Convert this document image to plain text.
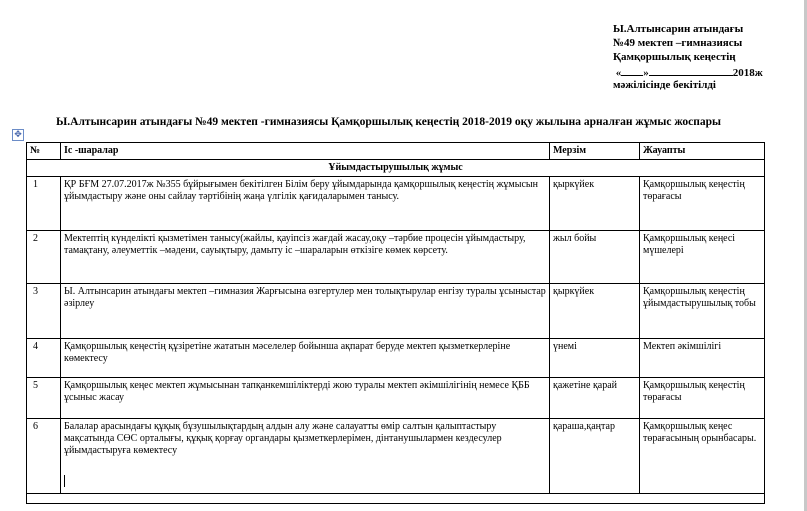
Ы.Алтынсарин атындағы
№49 мектеп –гимназиясы
Қамқоршылық кеңестің
« »	2018ж
мәжілісінде бекітілді
Ы.Алтынсарин атындағы №49 мектеп -гимназиясы Қамқоршылық кеңестің 2018-2019 оқу жылына арналған жұмыс жоспары
✥
№	Іс -шаралар	Мерзім	Жауапты
Ұйымдастырушылық жұмыс			
1	ҚР БҒМ 27.07.2017ж №355 бұйрығымен бекітілген Білім беру ұйымдарында қамқоршылық кеңестің жұмысын ұйымдастыру және оны сайлау тәртібінің жаңа үлгілік қағидаларымен танысу.	қыркүйек	Қамқоршылық кеңестің төрағасы
2	Мектептің күнделікті қызметімен танысу(жайлы, қауіпсіз жағдай жасау,оқу –тәрбие процесін ұйымдастыру, тамақтану, әлеуметтік –мәдени, сауықтыру, дамыту іс –шараларын өткізіге көмек көрсету.	жыл бойы	Қамқоршылық кеңесі мүшелері
3	Ы. Алтынсарин атындағы мектеп –гимназия Жарғысына өзгертулер мен толықтырулар енгізу туралы ұсыныстар әзірлеу	қыркүйек	Қамқоршылық кеңестің ұйымдастырушылық тобы
4	Қамқоршылық кеңестің құзіретіне жататын мәселелер бойынша ақпарат беруде мектеп қызметкерлеріне көмектесу	үнемі	Мектеп әкімшілігі
5	Қамқоршылық кеңес мектеп жұмысынан тапқанкемшіліктерді жою туралы мектеп әкімшілігінің немесе ҚББ ұсыныс жасау	қажетіне қарай	Қамқоршылық кеңестің төрағасы
6	Балалар арасындағы құқық бұзушылықтардың алдын алу және салауатты өмір салтын қалыптастыру мақсатында СӨС орталығы, құқық қорғау органдары қызметкерлерімен, дінтанушылармен кездесулер ұйымдастыруға көмектесу	қараша,қаңтар	Қамқоршылық кеңес төрағасының орынбасары.
